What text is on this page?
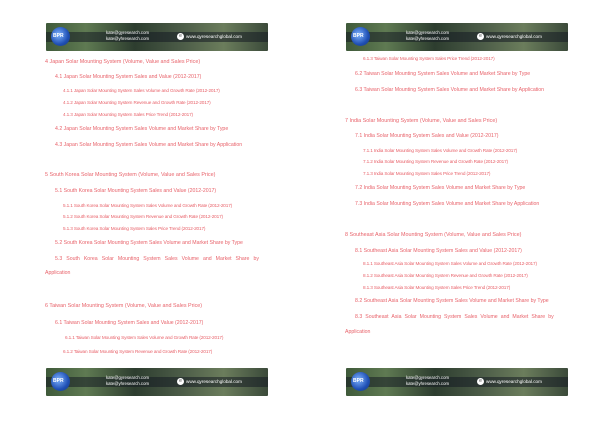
BPR
kate@gyresearch.com
kate@yhresearch.com	e www.qyresearchglobal.com
4 Japan Solar Mounting System (Volume, Value and Sales Price)
4.1 Japan Solar Mounting System Sales and Value (2012-2017)
4.1.1 Japan Solar Mounting System Sales Volume and Growth Rate (2012-2017)
4.1.2 Japan Solar Mounting System Revenue and Growth Rate (2012-2017)
4.1.3 Japan Solar Mounting System Sales Price Trend (2012-2017)
4.2 Japan Solar Mounting System Sales Volume and Market Share by Type
4.3 Japan Solar Mounting System Sales Volume and Market Share by Application
5 South Korea Solar Mounting System (Volume, Value and Sales Price)
5.1 South Korea Solar Mounting System Sales and Value (2012-2017)
5.1.1 South Korea Solar Mounting System Sales Volume and Growth Rate (2012-2017)
5.1.2 South Korea Solar Mounting System Revenue and Growth Rate (2012-2017)
5.1.3 South Korea Solar Mounting System Sales Price Trend (2012-2017)
5.2 South Korea Solar Mounting System Sales Volume and Market Share by Type
5.3 South Korea Solar Mounting System Sales Volume and Market Share by
Application
6 Taiwan Solar Mounting System (Volume, Value and Sales Price)
6.1 Taiwan Solar Mounting System Sales and Value (2012-2017)
6.1.1 Taiwan Solar Mounting System Sales Volume and Growth Rate (2012-2017)
6.1.2 Taiwan Solar Mounting System Revenue and Growth Rate (2012-2017)
BPR
kate@gyresearch.com
kate@yhresearch.com	e www.qyresearchglobal.com
BPR
kate@gyresearch.com
kate@yhresearch.com	e www.qyresearchglobal.com
6.1.3 Taiwan Solar Mounting System Sales Price Trend (2012-2017)
6.2 Taiwan Solar Mounting System Sales Volume and Market Share by Type
6.3 Taiwan Solar Mounting System Sales Volume and Market Share by Application
7 India Solar Mounting System (Volume, Value and Sales Price)
7.1 India Solar Mounting System Sales and Value (2012-2017)
7.1.1 India Solar Mounting System Sales Volume and Growth Rate (2012-2017)
7.1.2 India Solar Mounting System Revenue and Growth Rate (2012-2017)
7.1.3 India Solar Mounting System Sales Price Trend (2012-2017)
7.2 India Solar Mounting System Sales Volume and Market Share by Type
7.3 India Solar Mounting System Sales Volume and Market Share by Application
8 Southeast Asia Solar Mounting System (Volume, Value and Sales Price)
8.1 Southeast Asia Solar Mounting System Sales and Value (2012-2017)
8.1.1 Southeast Asia Solar Mounting System Sales Volume and Growth Rate (2012-2017)
8.1.2 Southeast Asia Solar Mounting System Revenue and Growth Rate (2012-2017)
8.1.3 Southeast Asia Solar Mounting System Sales Price Trend (2012-2017)
8.2 Southeast Asia Solar Mounting System Sales Volume and Market Share by Type
8.3 Southeast Asia Solar Mounting System Sales Volume and Market Share by
Application
BPR
kate@gyresearch.com
kate@yhresearch.com	e www.qyresearchglobal.com
